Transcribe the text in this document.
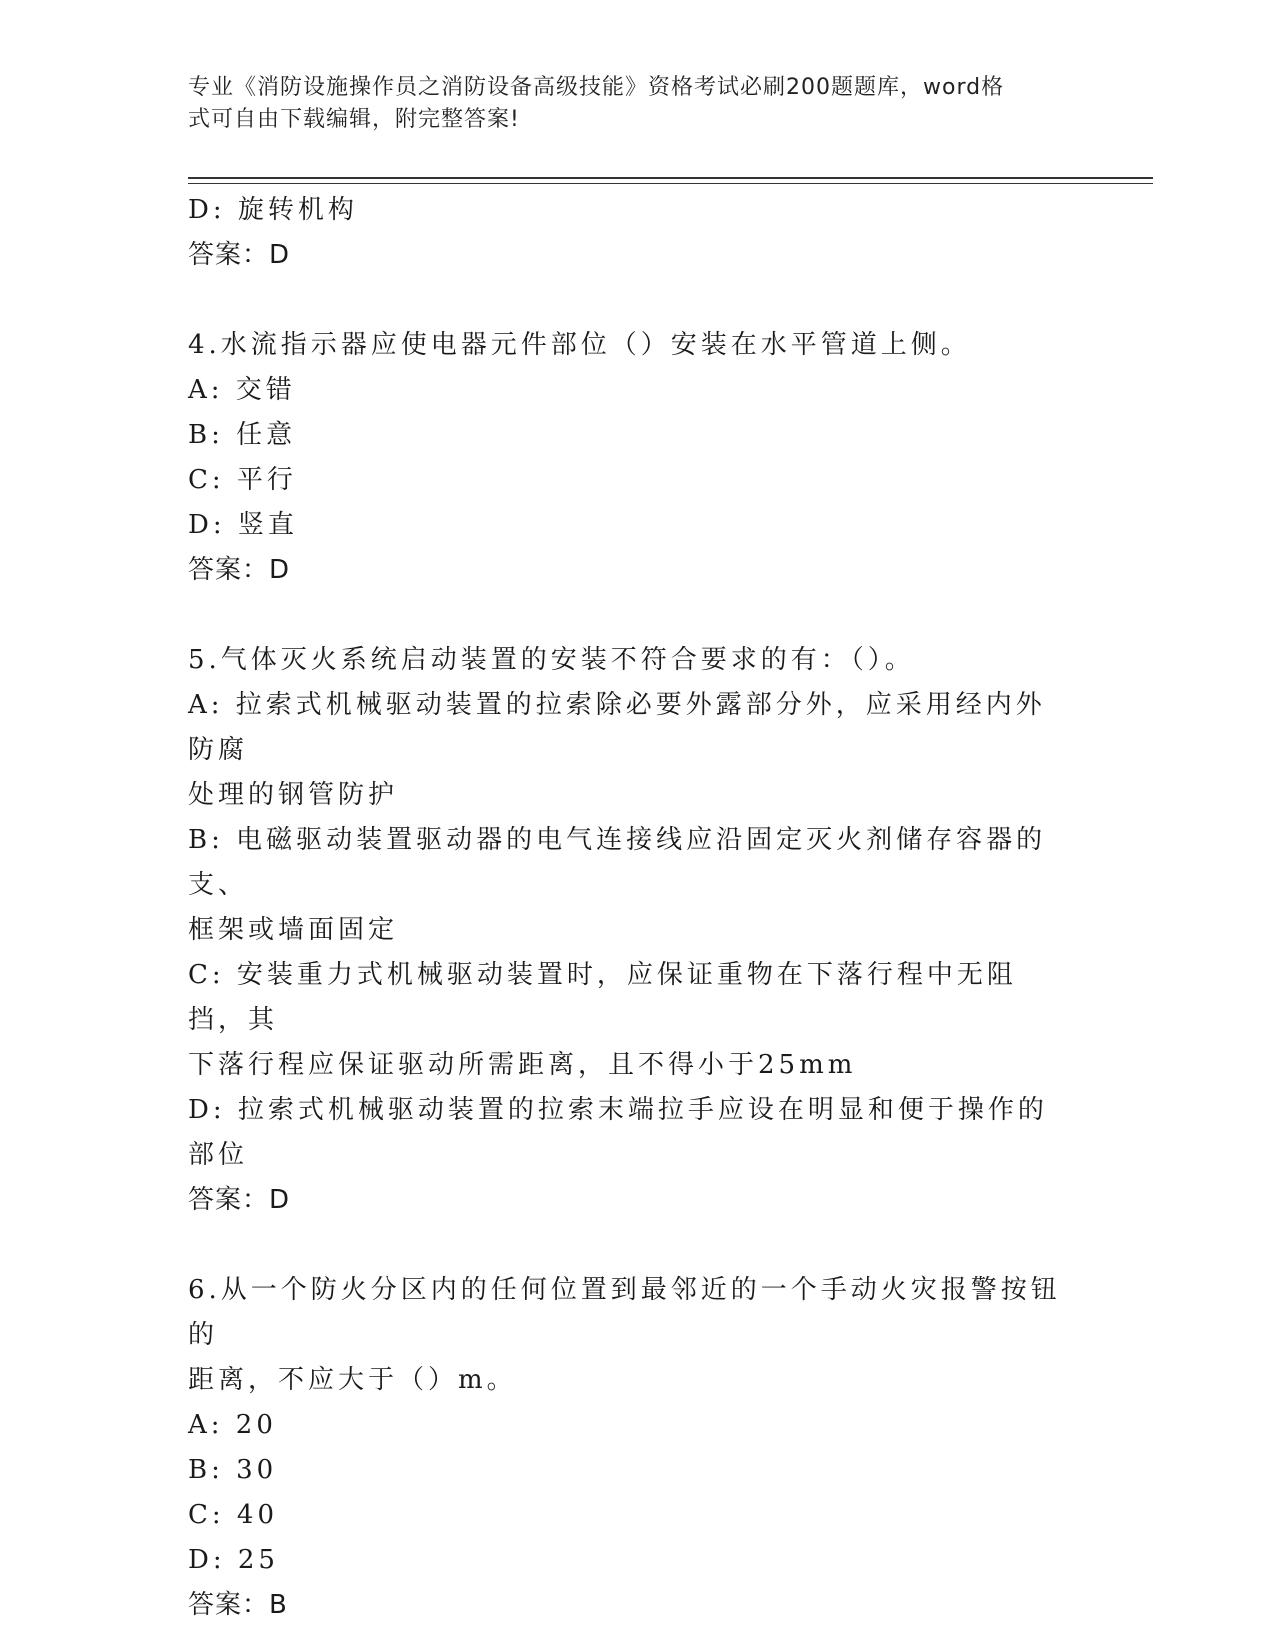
专业《消防设施操作员之消防设备高级技能》资格考试必刷200题题库，word格
式可自由下载编辑，附完整答案!
D: 旋转机构
答案：D
4.水流指示器应使电器元件部位（）安装在水平管道上侧。
A: 交错
B: 任意
C: 平行
D: 竖直
答案：D
5.气体灭火系统启动装置的安装不符合要求的有：（）。
A: 拉索式机械驱动装置的拉索除必要外露部分外，应采用经内外防腐
处理的钢管防护
B: 电磁驱动装置驱动器的电气连接线应沿固定灭火剂储存容器的支、
框架或墙面固定
C: 安装重力式机械驱动装置时，应保证重物在下落行程中无阻挡，其
下落行程应保证驱动所需距离，且不得小于25mm
D: 拉索式机械驱动装置的拉索末端拉手应设在明显和便于操作的部位
答案：D
6.从一个防火分区内的任何位置到最邻近的一个手动火灾报警按钮的
距离，不应大于（）m。
A: 20
B: 30
C: 40
D: 25
答案：B
